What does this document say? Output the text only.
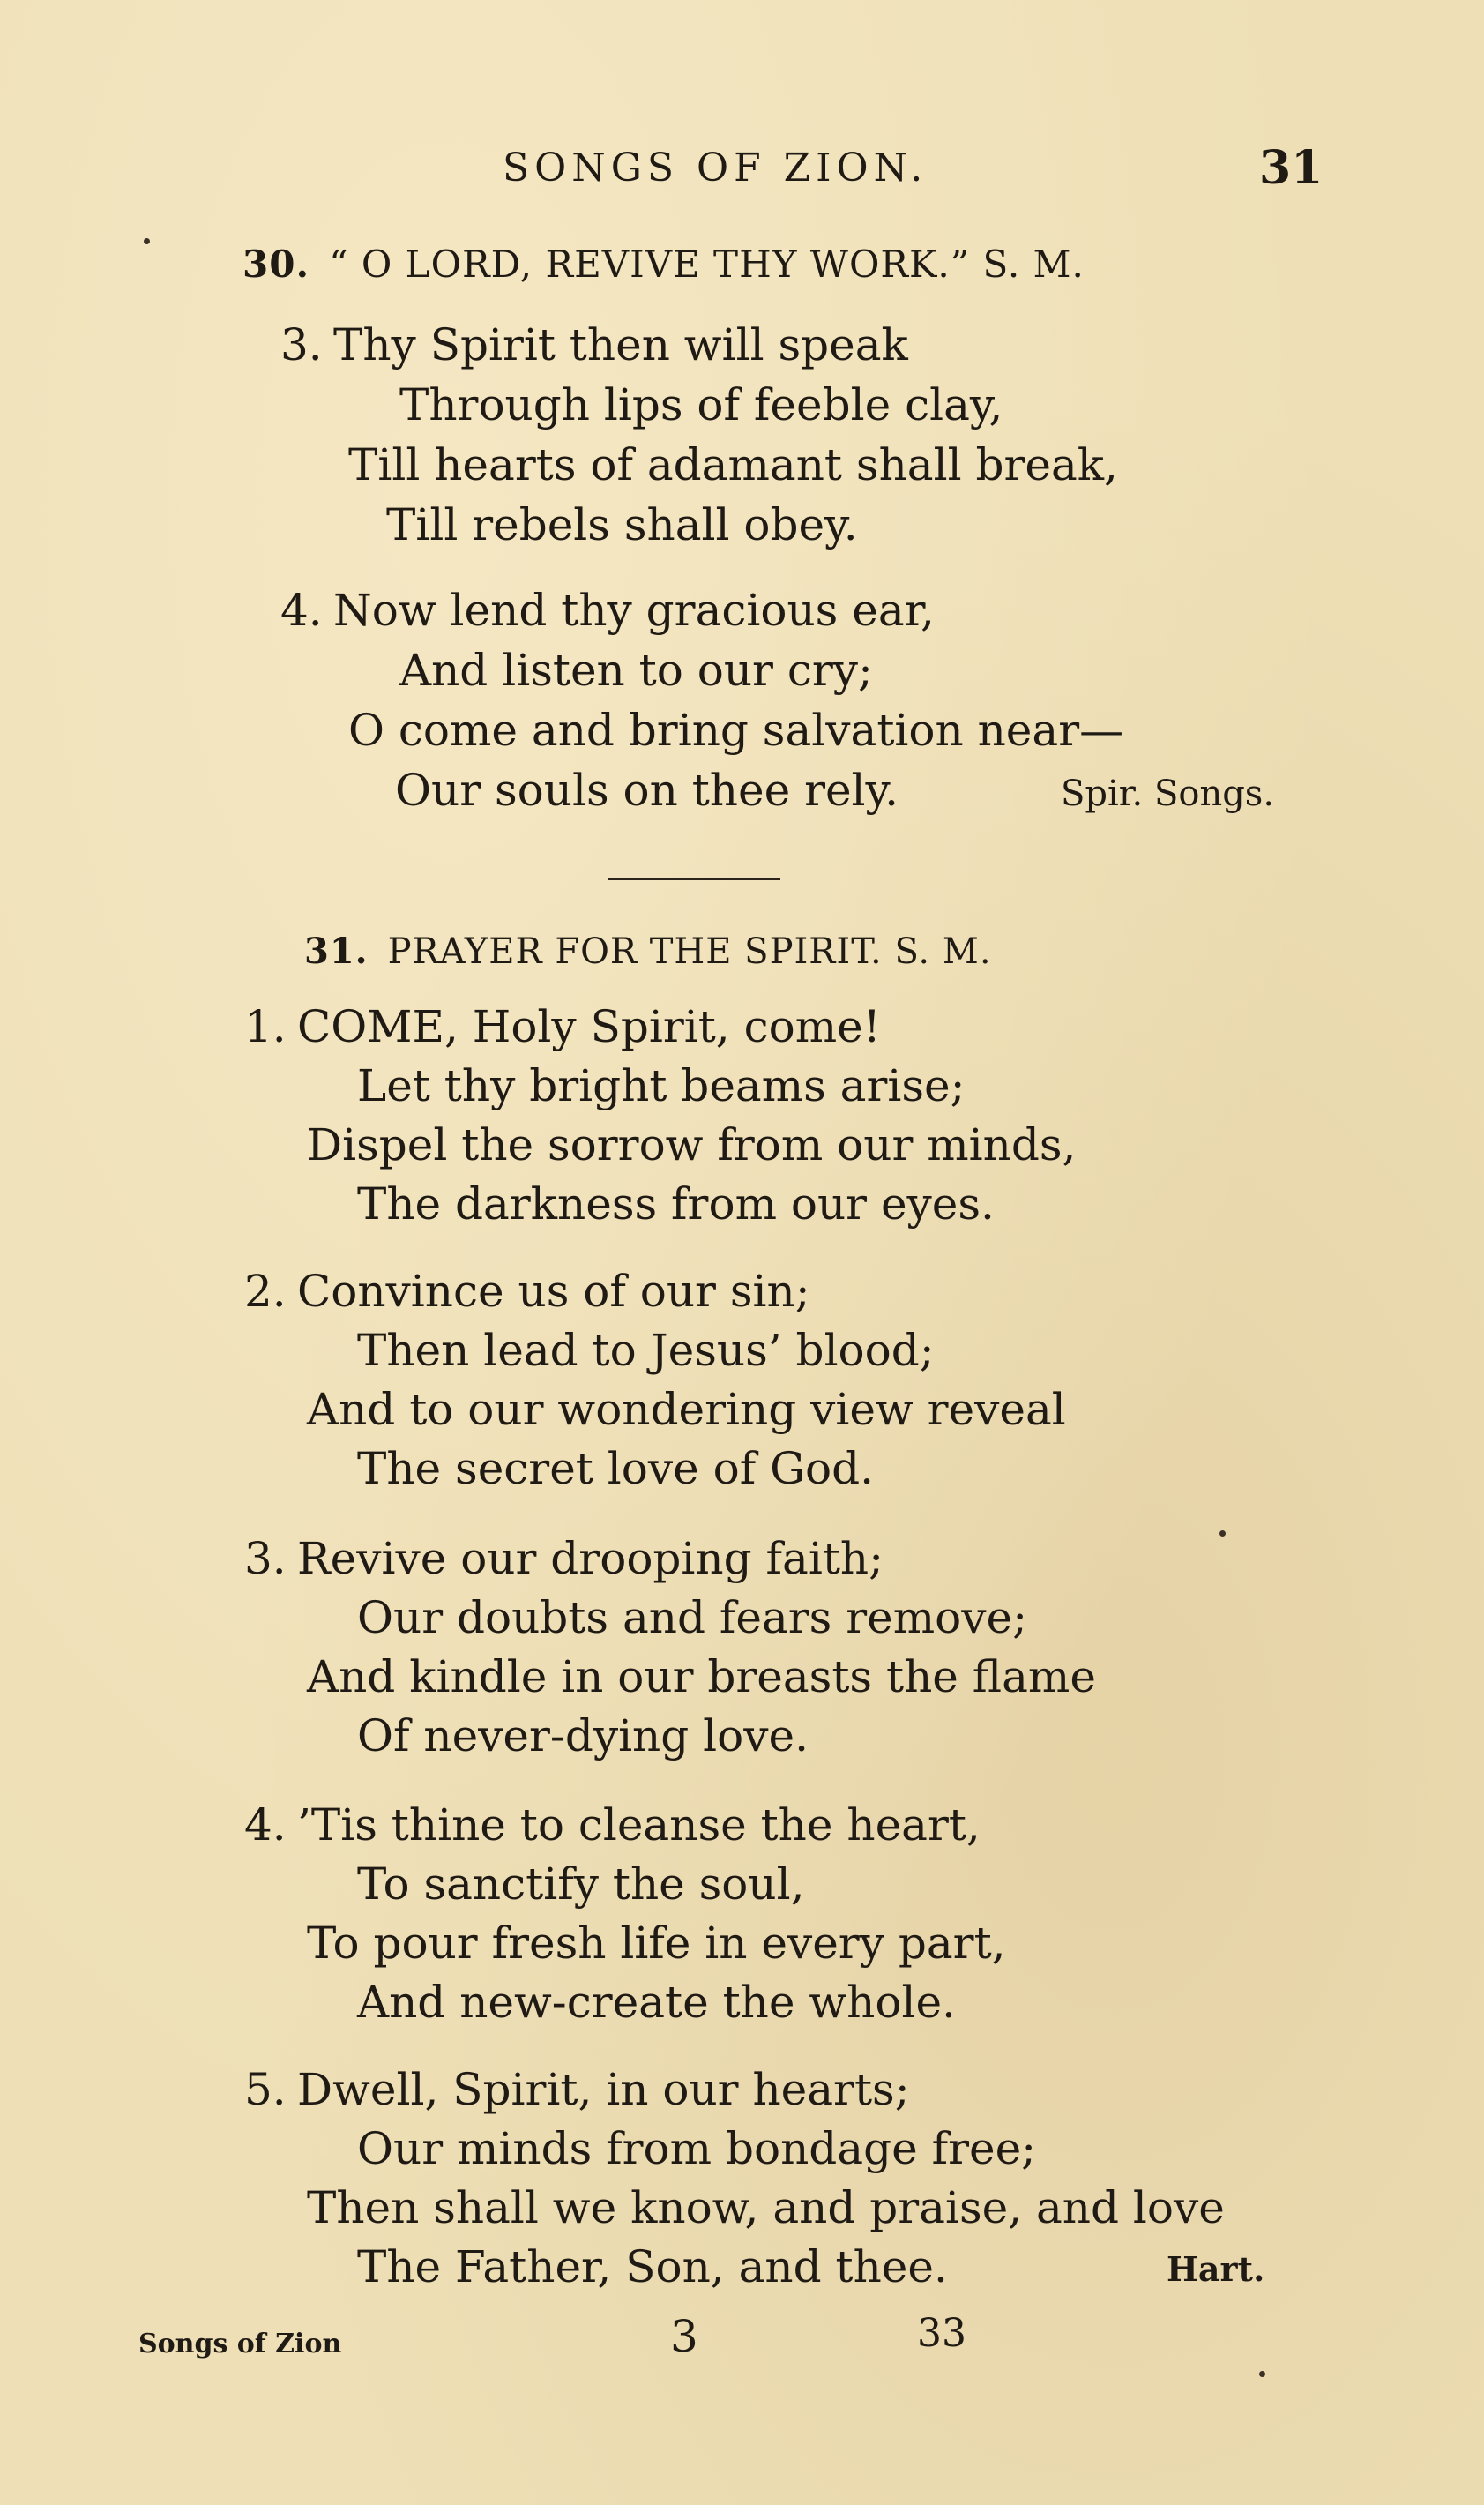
SONGS OF ZION.	31
30. “ O LORD, REVIVE THY WORK.” S. M.
3. Thy Spirit then will speak
Through lips of feeble clay,
Till hearts of adamant shall break,
Till rebels shall obey.
4. Now lend thy gracious ear,
And listen to our cry;
O come and bring salvation near—
Our souls on thee rely.	Spir. Songs.
31. PRAYER FOR THE SPIRIT. S. M.
1. COME, Holy Spirit, come!
Let thy bright beams arise;
Dispel the sorrow from our minds,
The darkness from our eyes.
2. Convince us of our sin;
Then lead to Jesus’ blood;
And to our wondering view reveal
The secret love of God.
3. Revive our drooping faith;
Our doubts and fears remove;
And kindle in our breasts the flame
Of never-dying love.
4. ’Tis thine to cleanse the heart,
To sanctify the soul,
To pour fresh life in every part,
And new-create the whole.
5. Dwell, Spirit, in our hearts;
Our minds from bondage free;
Then shall we know, and praise, and love
The Father, Son, and thee.	Hart.
Songs of Zion	3	33
